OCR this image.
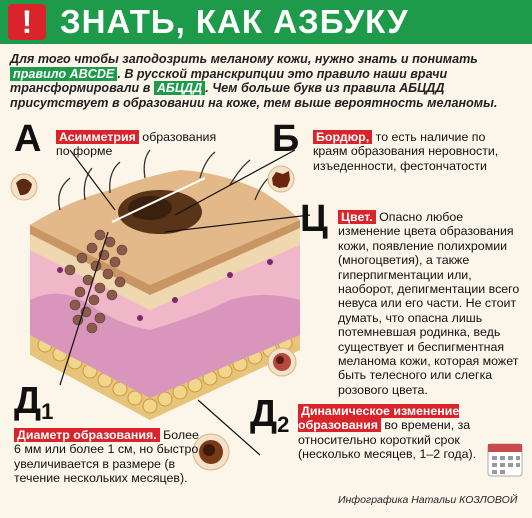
! ЗНАТЬ, КАК АЗБУКУ
Для того чтобы заподозрить меланому кожи, нужно знать и понимать правило ABCDE . В русской транскрипции это правило наши врачи трансформировали в АБЦДД . Чем больше букв из правила АБЦДД присутствует в образовании на коже, тем выше вероятность меланомы.
А Асимметрия образования по форме	Б Бордюр, то есть наличие по краям образования неровности, изъеденности, фестончатости
Ц Цвет. Опасно любое изменение цвета образования кожи, появление полихромии (многоцветия), а также гиперпигментации или, наоборот, депигментации всего невуса или его части. Не стоит думать, что опасна лишь потемневшая родинка, ведь существует и беспигментная меланома кожи, которая может быть телесного или слегка розового цвета.
$Д_1$
Диаметр образования. Более 6 мм или более 1 см, но быстро увеличивается в размере (в течение нескольких месяцев).
$Д_2$
Динамическое изменение образования во времени, за относительно короткий срок (несколько месяцев, 1–2 года).
Инфографика Натальи КОЗЛОВОЙ
